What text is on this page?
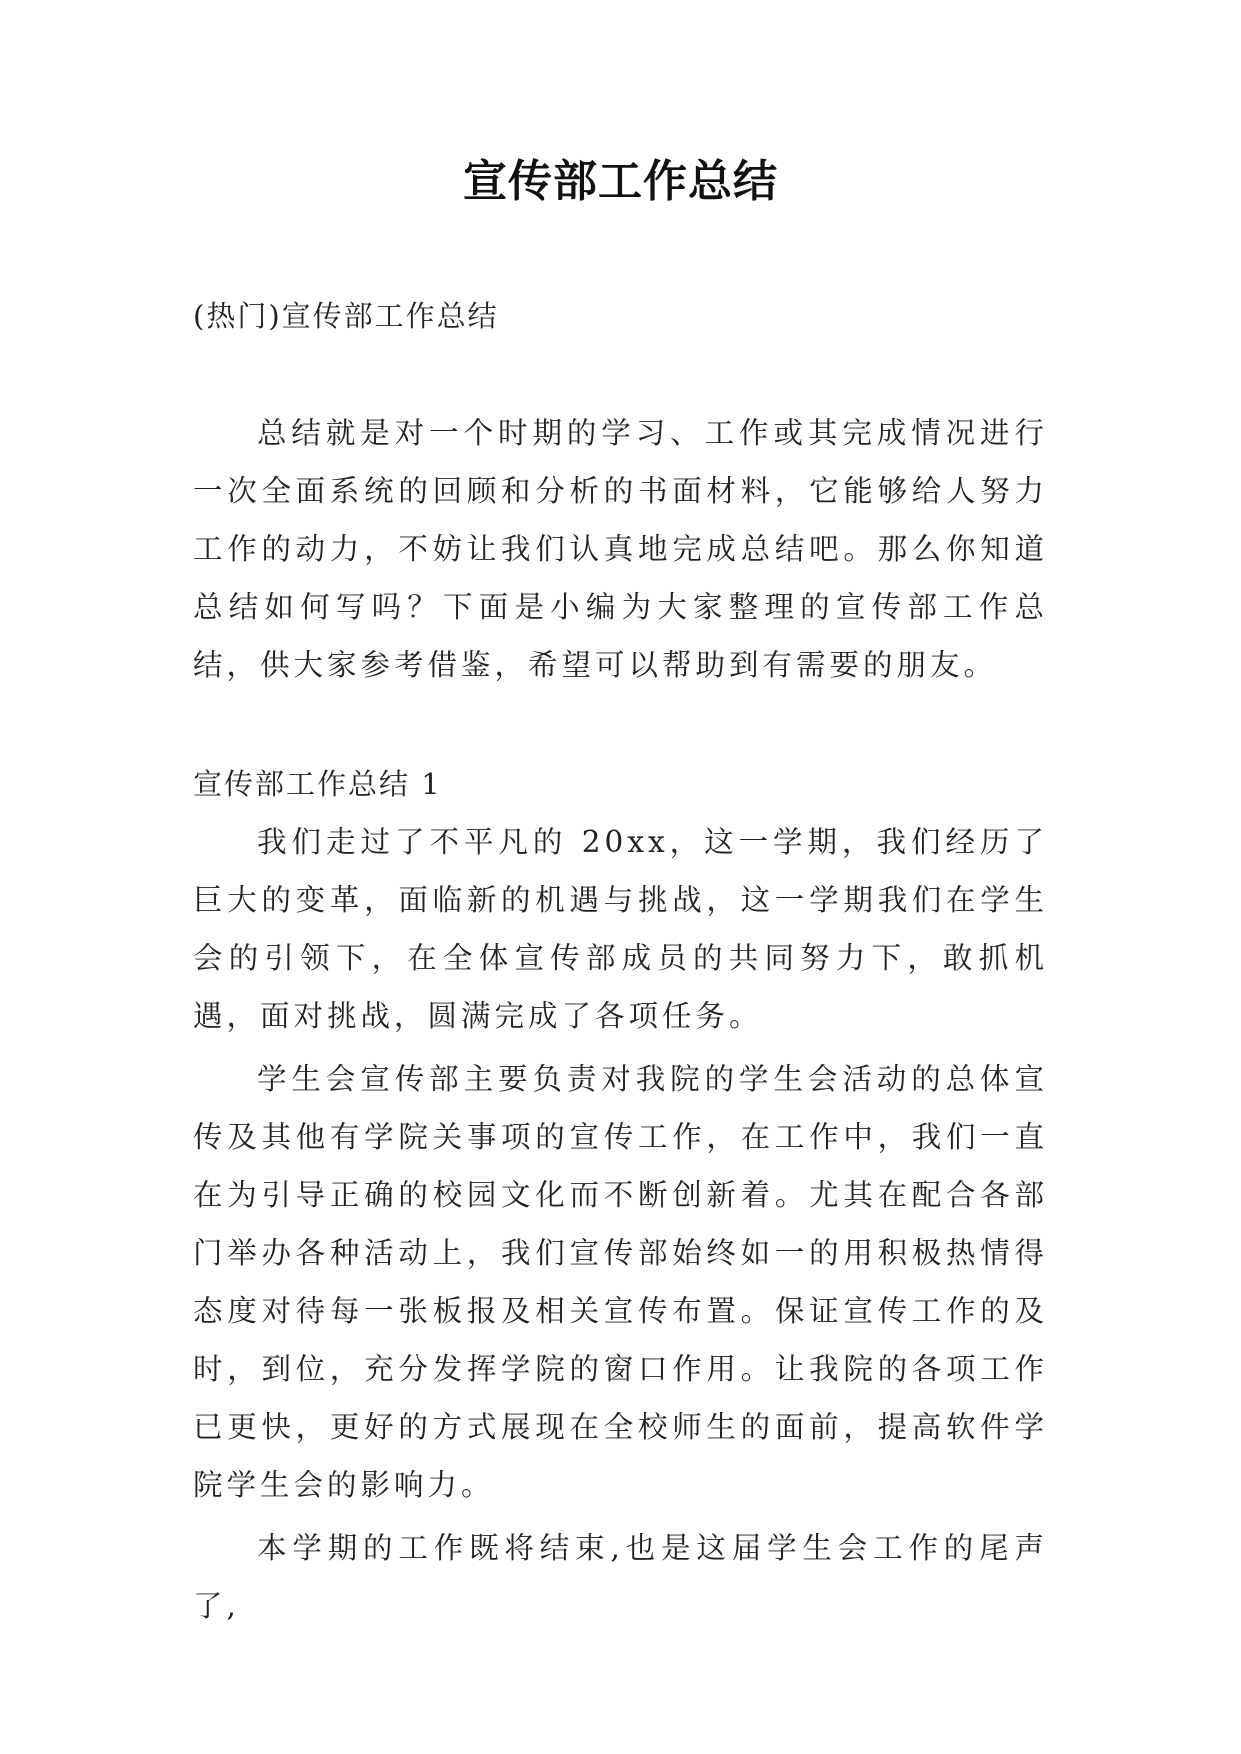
宣传部工作总结
(热门)宣传部工作总结

总结就是对一个时期的学习、工作或其完成情况进行一次全面系统的回顾和分析的书面材料，它能够给人努力工作的动力，不妨让我们认真地完成总结吧。那么你知道总结如何写吗？下面是小编为大家整理的宣传部工作总结，供大家参考借鉴，希望可以帮助到有需要的朋友。

宣传部工作总结 1

我们走过了不平凡的 20xx，这一学期，我们经历了巨大的变革，面临新的机遇与挑战，这一学期我们在学生会的引领下，在全体宣传部成员的共同努力下，敢抓机遇，面对挑战，圆满完成了各项任务。

学生会宣传部主要负责对我院的学生会活动的总体宣传及其他有学院关事项的宣传工作，在工作中，我们一直在为引导正确的校园文化而不断创新着。尤其在配合各部门举办各种活动上，我们宣传部始终如一的用积极热情得态度对待每一张板报及相关宣传布置。保证宣传工作的及时，到位，充分发挥学院的窗口作用。让我院的各项工作已更快，更好的方式展现在全校师生的面前，提高软件学院学生会的影响力。

本学期的工作既将结束,也是这届学生会工作的尾声了,
